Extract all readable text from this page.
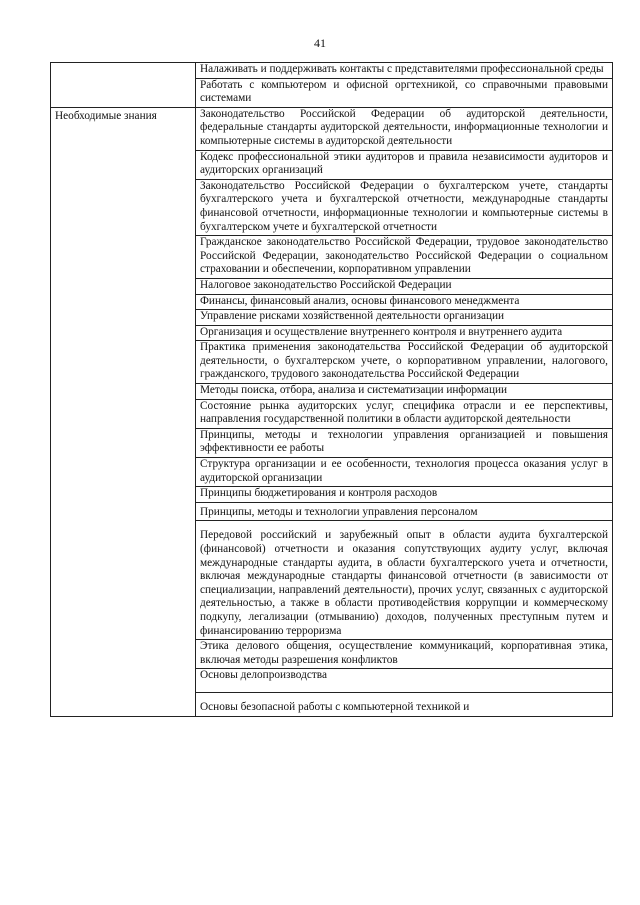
41
	Налаживать и поддерживать контакты с представителями профессиональной среды
	Работать с компьютером и офисной оргтехникой, со справочными правовыми системами
Необходимые знания	Законодательство Российской Федерации об аудиторской деятельности, федеральные стандарты аудиторской деятельности, информационные технологии и компьютерные системы в аудиторской деятельности
	Кодекс профессиональной этики аудиторов и правила независимости аудиторов и аудиторских организаций
	Законодательство Российской Федерации о бухгалтерском учете, стандарты бухгалтерского учета и бухгалтерской отчетности, международные стандарты финансовой отчетности, информационные технологии и компьютерные системы в бухгалтерском учете и бухгалтерской отчетности
	Гражданское законодательство Российской Федерации, трудовое законодательство Российской Федерации, законодательство Российской Федерации о социальном страховании и обеспечении, корпоративном управлении
	Налоговое законодательство Российской Федерации
	Финансы, финансовый анализ, основы финансового менеджмента
	Управление рисками хозяйственной деятельности организации
	Организация и осуществление внутреннего контроля и внутреннего аудита
	Практика применения законодательства Российской Федерации об аудиторской деятельности, о бухгалтерском учете, о корпоративном управлении, налогового, гражданского, трудового законодательства Российской Федерации
	Методы поиска, отбора, анализа и систематизации информации
	Состояние рынка аудиторских услуг, специфика отрасли и ее перспективы, направления государственной политики в области аудиторской деятельности
	Принципы, методы и технологии управления организацией и повышения эффективности ее работы
	Структура организации и ее особенности, технология процесса оказания услуг в аудиторской организации
	Принципы бюджетирования и контроля расходов
	Принципы, методы и технологии управления персоналом
	Передовой российский и зарубежный опыт в области аудита бухгалтерской (финансовой) отчетности и оказания сопутствующих аудиту услуг, включая международные стандарты аудита, в области бухгалтерского учета и отчетности, включая международные стандарты финансовой отчетности (в зависимости от специализации, направлений деятельности), прочих услуг, связанных с аудиторской деятельностью, а также в области противодействия коррупции и коммерческому подкупу, легализации (отмыванию) доходов, полученных преступным путем и финансированию терроризма
	Этика делового общения, осуществление коммуникаций, корпоративная этика, включая методы разрешения конфликтов
	Основы делопроизводства
	Основы безопасной работы с компьютерной техникой и
